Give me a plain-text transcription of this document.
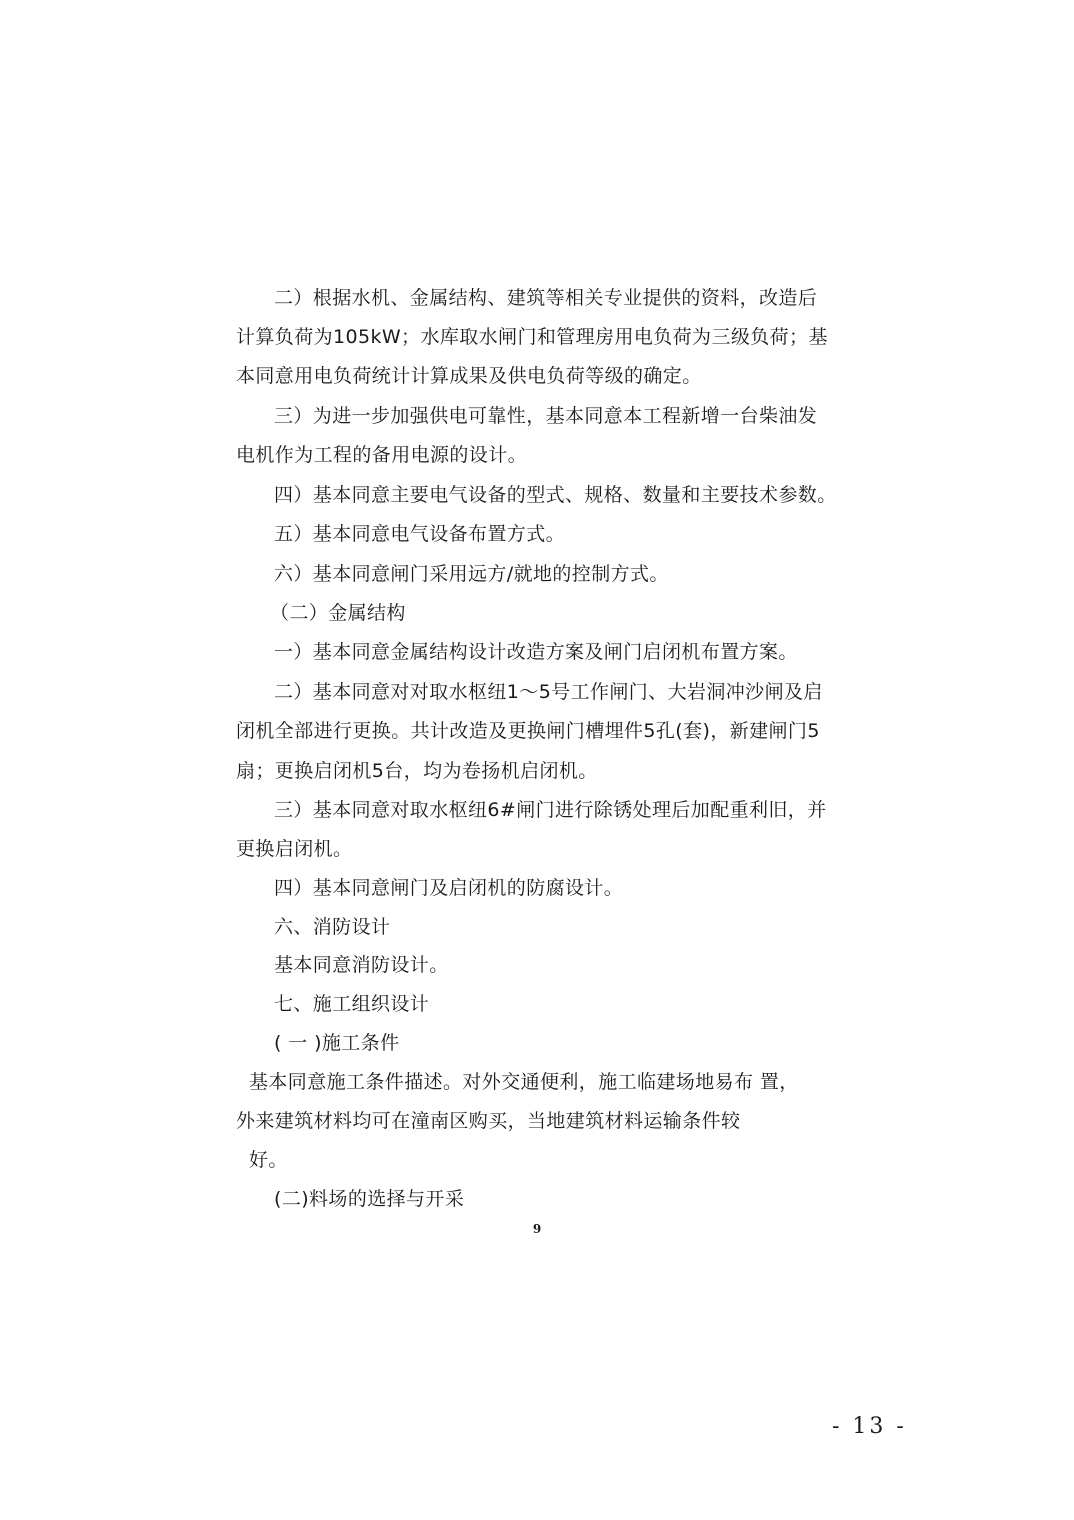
二）根据水机、金属结构、建筑等相关专业提供的资料，改造后
计算负荷为105kW；水库取水闸门和管理房用电负荷为三级负荷；基
本同意用电负荷统计计算成果及供电负荷等级的确定。
三）为进一步加强供电可靠性，基本同意本工程新增一台柴油发
电机作为工程的备用电源的设计。
四）基本同意主要电气设备的型式、规格、数量和主要技术参数。
五）基本同意电气设备布置方式。
六）基本同意闸门采用远方/就地的控制方式。
（二）金属结构
一）基本同意金属结构设计改造方案及闸门启闭机布置方案。
二）基本同意对对取水枢纽1～5号工作闸门、大岩洞冲沙闸及启
闭机全部进行更换。共计改造及更换闸门槽埋件5孔(套)，新建闸门5
扇；更换启闭机5台，均为卷扬机启闭机。
三）基本同意对取水枢纽6#闸门进行除锈处理后加配重利旧，并
更换启闭机。
四）基本同意闸门及启闭机的防腐设计。
六、消防设计
基本同意消防设计。
七、施工组织设计
( 一 )施工条件
基本同意施工条件描述。对外交通便利，施工临建场地易布 置，
外来建筑材料均可在潼南区购买，当地建筑材料运输条件较
好。
(二)料场的选择与开采
9
- 13 -
